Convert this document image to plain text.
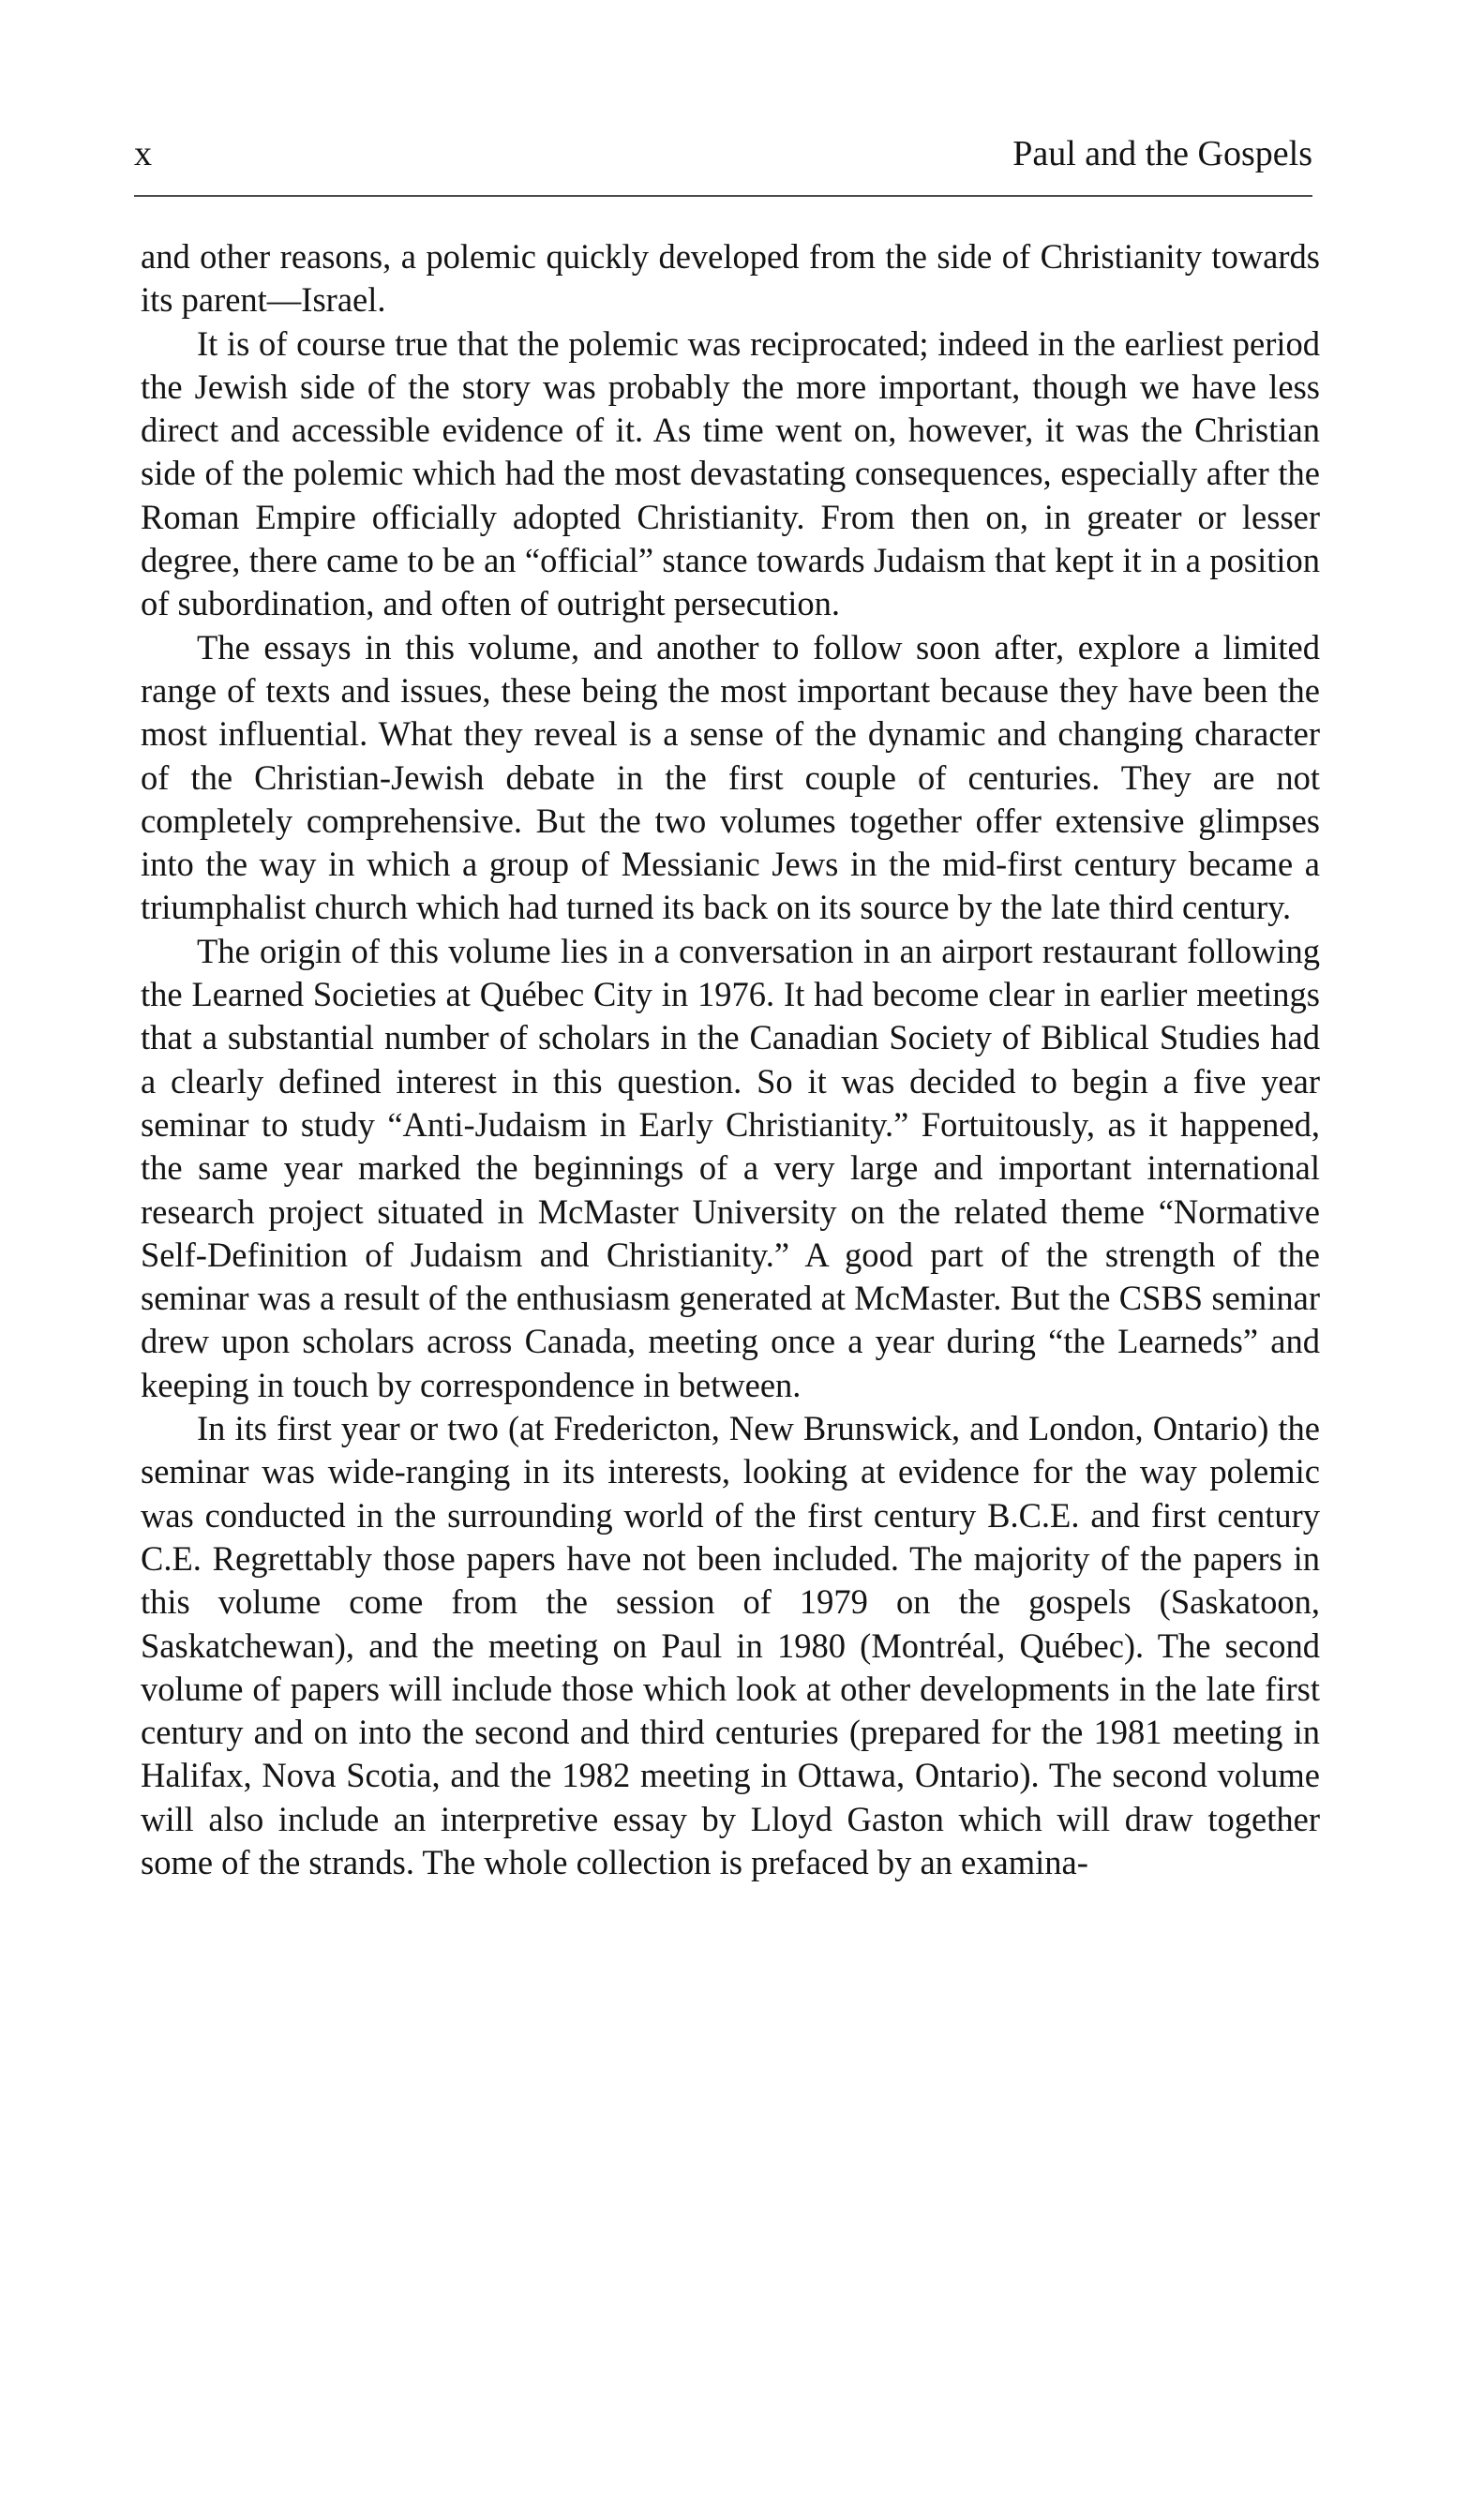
x	Paul and the Gospels

and other reasons, a polemic quickly developed from the side of Christianity towards its parent—Israel.

It is of course true that the polemic was reciprocated; indeed in the earliest period the Jewish side of the story was probably the more important, though we have less direct and accessible evidence of it. As time went on, however, it was the Christian side of the polemic which had the most devastating consequences, especially after the Roman Empire officially adopted Christianity. From then on, in greater or lesser degree, there came to be an “official” stance towards Judaism that kept it in a position of subordination, and often of outright persecution.

The essays in this volume, and another to follow soon after, explore a limited range of texts and issues, these being the most important because they have been the most influential. What they reveal is a sense of the dynamic and changing character of the Christian-Jewish debate in the first couple of centuries. They are not completely comprehensive. But the two volumes together offer extensive glimpses into the way in which a group of Messianic Jews in the mid-first century became a triumphalist church which had turned its back on its source by the late third century.

The origin of this volume lies in a conversation in an airport restaurant following the Learned Societies at Québec City in 1976. It had become clear in earlier meetings that a substantial number of scholars in the Canadian Society of Biblical Studies had a clearly defined interest in this question. So it was decided to begin a five year seminar to study “Anti-Judaism in Early Christianity.” Fortuitously, as it happened, the same year marked the beginnings of a very large and important international research project situated in McMaster University on the related theme “Normative Self-Definition of Judaism and Christianity.” A good part of the strength of the seminar was a result of the enthusiasm generated at McMaster. But the CSBS seminar drew upon scholars across Canada, meeting once a year during “the Learneds” and keeping in touch by correspondence in between.

In its first year or two (at Fredericton, New Brunswick, and London, Ontario) the seminar was wide-ranging in its interests, looking at evidence for the way polemic was conducted in the surrounding world of the first century B.C.E. and first century C.E. Regrettably those papers have not been included. The majority of the papers in this volume come from the session of 1979 on the gospels (Saskatoon, Saskatchewan), and the meeting on Paul in 1980 (Montréal, Québec). The second volume of papers will include those which look at other developments in the late first century and on into the second and third centuries (prepared for the 1981 meeting in Halifax, Nova Scotia, and the 1982 meeting in Ottawa, Ontario). The second volume will also include an interpretive essay by Lloyd Gaston which will draw together some of the strands. The whole collection is prefaced by an examina-
